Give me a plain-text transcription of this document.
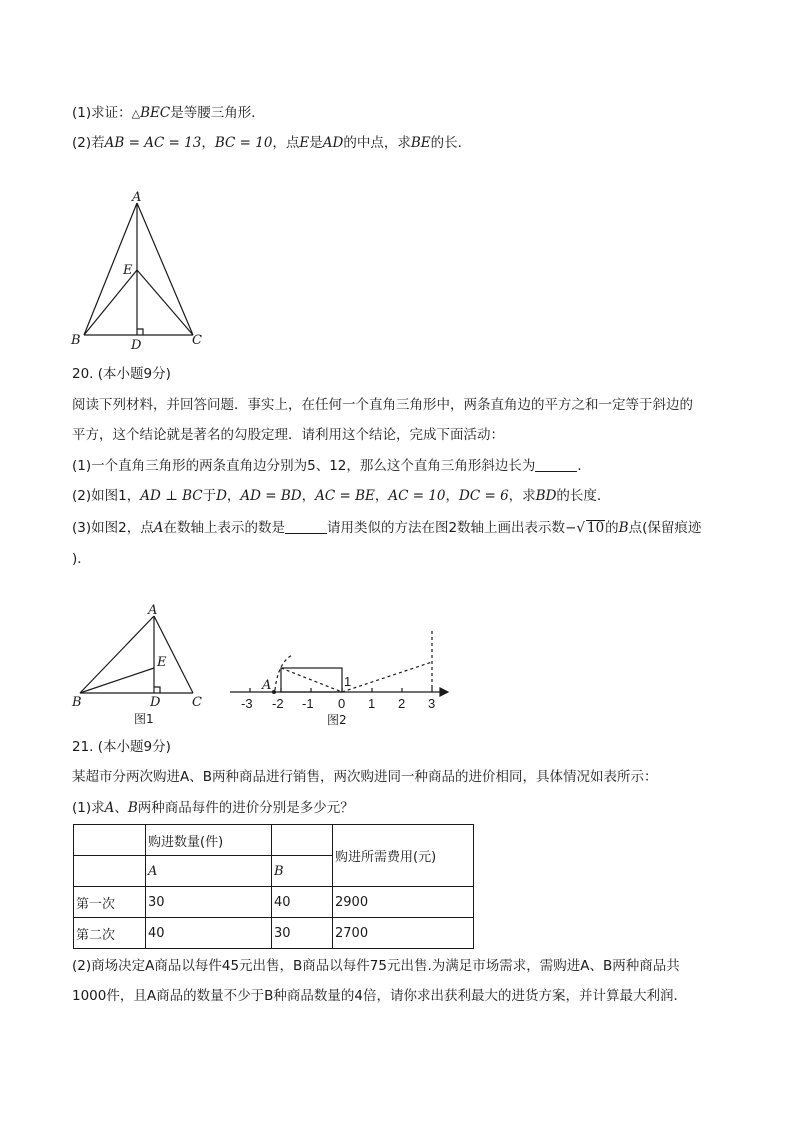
(1)求证：△BEC是等腰三角形．
(2)若AB = AC = 13，BC = 10，点E是AD的中点，求BE的长．
A
E
B	D	C
20. (本小题9分)
阅读下列材料，并回答问题．事实上，在任何一个直角三角形中，两条直角边的平方之和一定等于斜边的
平方，这个结论就是著名的勾股定理．请利用这个结论，完成下面活动：
(1)一个直角三角形的两条直角边分别为5、12，那么这个直角三角形斜边长为	．
(2)如图1，AD ⊥ BC于D，AD = BD，AC = BE，AC = 10，DC = 6，求BD的长度．
(3)如图2，点A在数轴上表示的数是	请用类似的方法在图2数轴上画出表示数−√ 10的B点(保留痕迹
)．
A
E
B	D C
图1
A	1
-3 -2 -1 0 1 2 3
图2
21. (本小题9分)
某超市分两次购进A、B两种商品进行销售，两次购进同一种商品的进价相同，具体情况如表所示：
(1)求A、B两种商品每件的进价分别是多少元？
	购进数量(件)		购进所需费用(元)
	A	B	
第一次	30	40	2900
第二次	40	30	2700
(2)商场决定A商品以每件45元出售，B商品以每件75元出售.为满足市场需求，需购进A、B两种商品共
1000件，且A商品的数量不少于B种商品数量的4倍，请你求出获利最大的进货方案，并计算最大利润．
